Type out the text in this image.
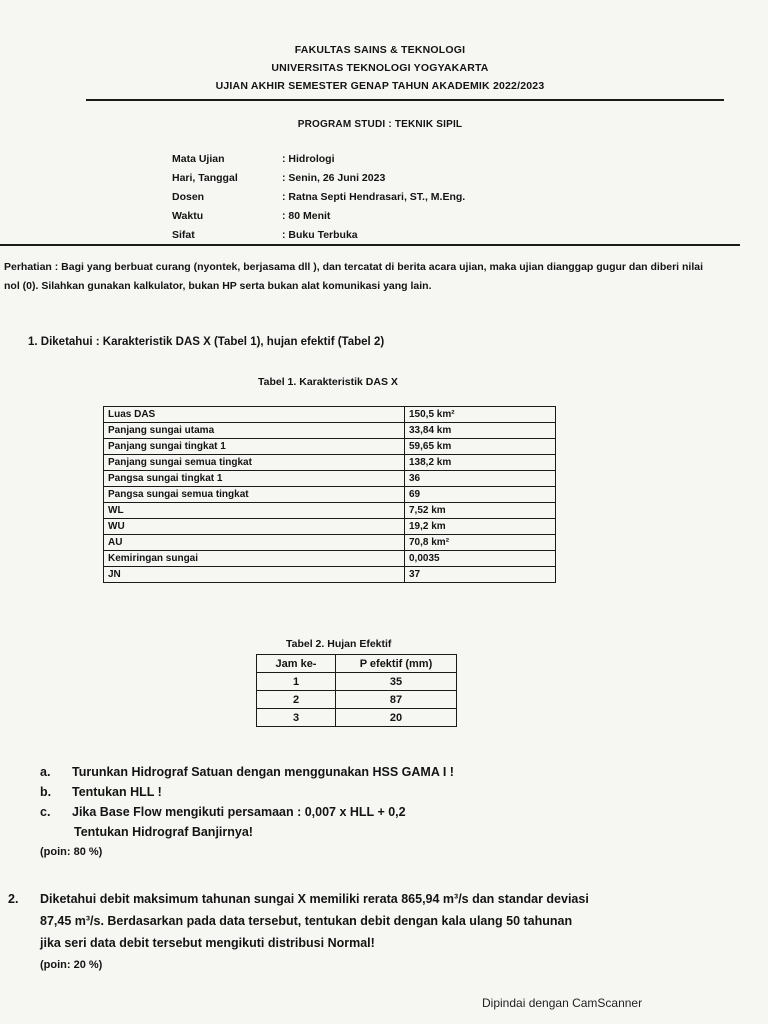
FAKULTAS SAINS & TEKNOLOGI
UNIVERSITAS TEKNOLOGI YOGYAKARTA
UJIAN AKHIR SEMESTER GENAP TAHUN AKADEMIK 2022/2023
PROGRAM STUDI : TEKNIK SIPIL
Mata Ujian	: Hidrologi
Hari, Tanggal	: Senin, 26 Juni 2023
Dosen	: Ratna Septi Hendrasari, ST., M.Eng.
Waktu	: 80 Menit
Sifat	: Buku Terbuka
Perhatian : Bagi yang berbuat curang (nyontek, berjasama dll ), dan tercatat di berita acara ujian, maka ujian dianggap gugur dan diberi nilai nol (0). Silahkan gunakan kalkulator, bukan HP serta bukan alat komunikasi yang lain.
1. Diketahui : Karakteristik DAS X (Tabel 1), hujan efektif (Tabel 2)
Tabel 1. Karakteristik DAS X
Luas DAS	150,5 km²
Panjang sungai utama	33,84 km
Panjang sungai tingkat 1	59,65 km
Panjang sungai semua tingkat	138,2 km
Pangsa sungai tingkat 1	36
Pangsa sungai semua tingkat	69
WL	7,52 km
WU	19,2 km
AU	70,8 km²
Kemiringan sungai	0,0035
JN	37
Tabel 2. Hujan Efektif
Jam ke-	P efektif (mm)
1	35
2	87
3	20
a.	Turunkan Hidrograf Satuan dengan menggunakan HSS GAMA I !
b.	Tentukan HLL !
c.	Jika Base Flow mengikuti persamaan : 0,007 x HLL + 0,2
Tentukan Hidrograf Banjirnya!
(poin: 80 %)
2.	Diketahui debit maksimum tahunan sungai X memiliki rerata 865,94 m³/s dan standar deviasi
87,45 m³/s. Berdasarkan pada data tersebut, tentukan debit dengan kala ulang 50 tahunan
jika seri data debit tersebut mengikuti distribusi Normal!
(poin: 20 %)
Dipindai dengan CamScanner
